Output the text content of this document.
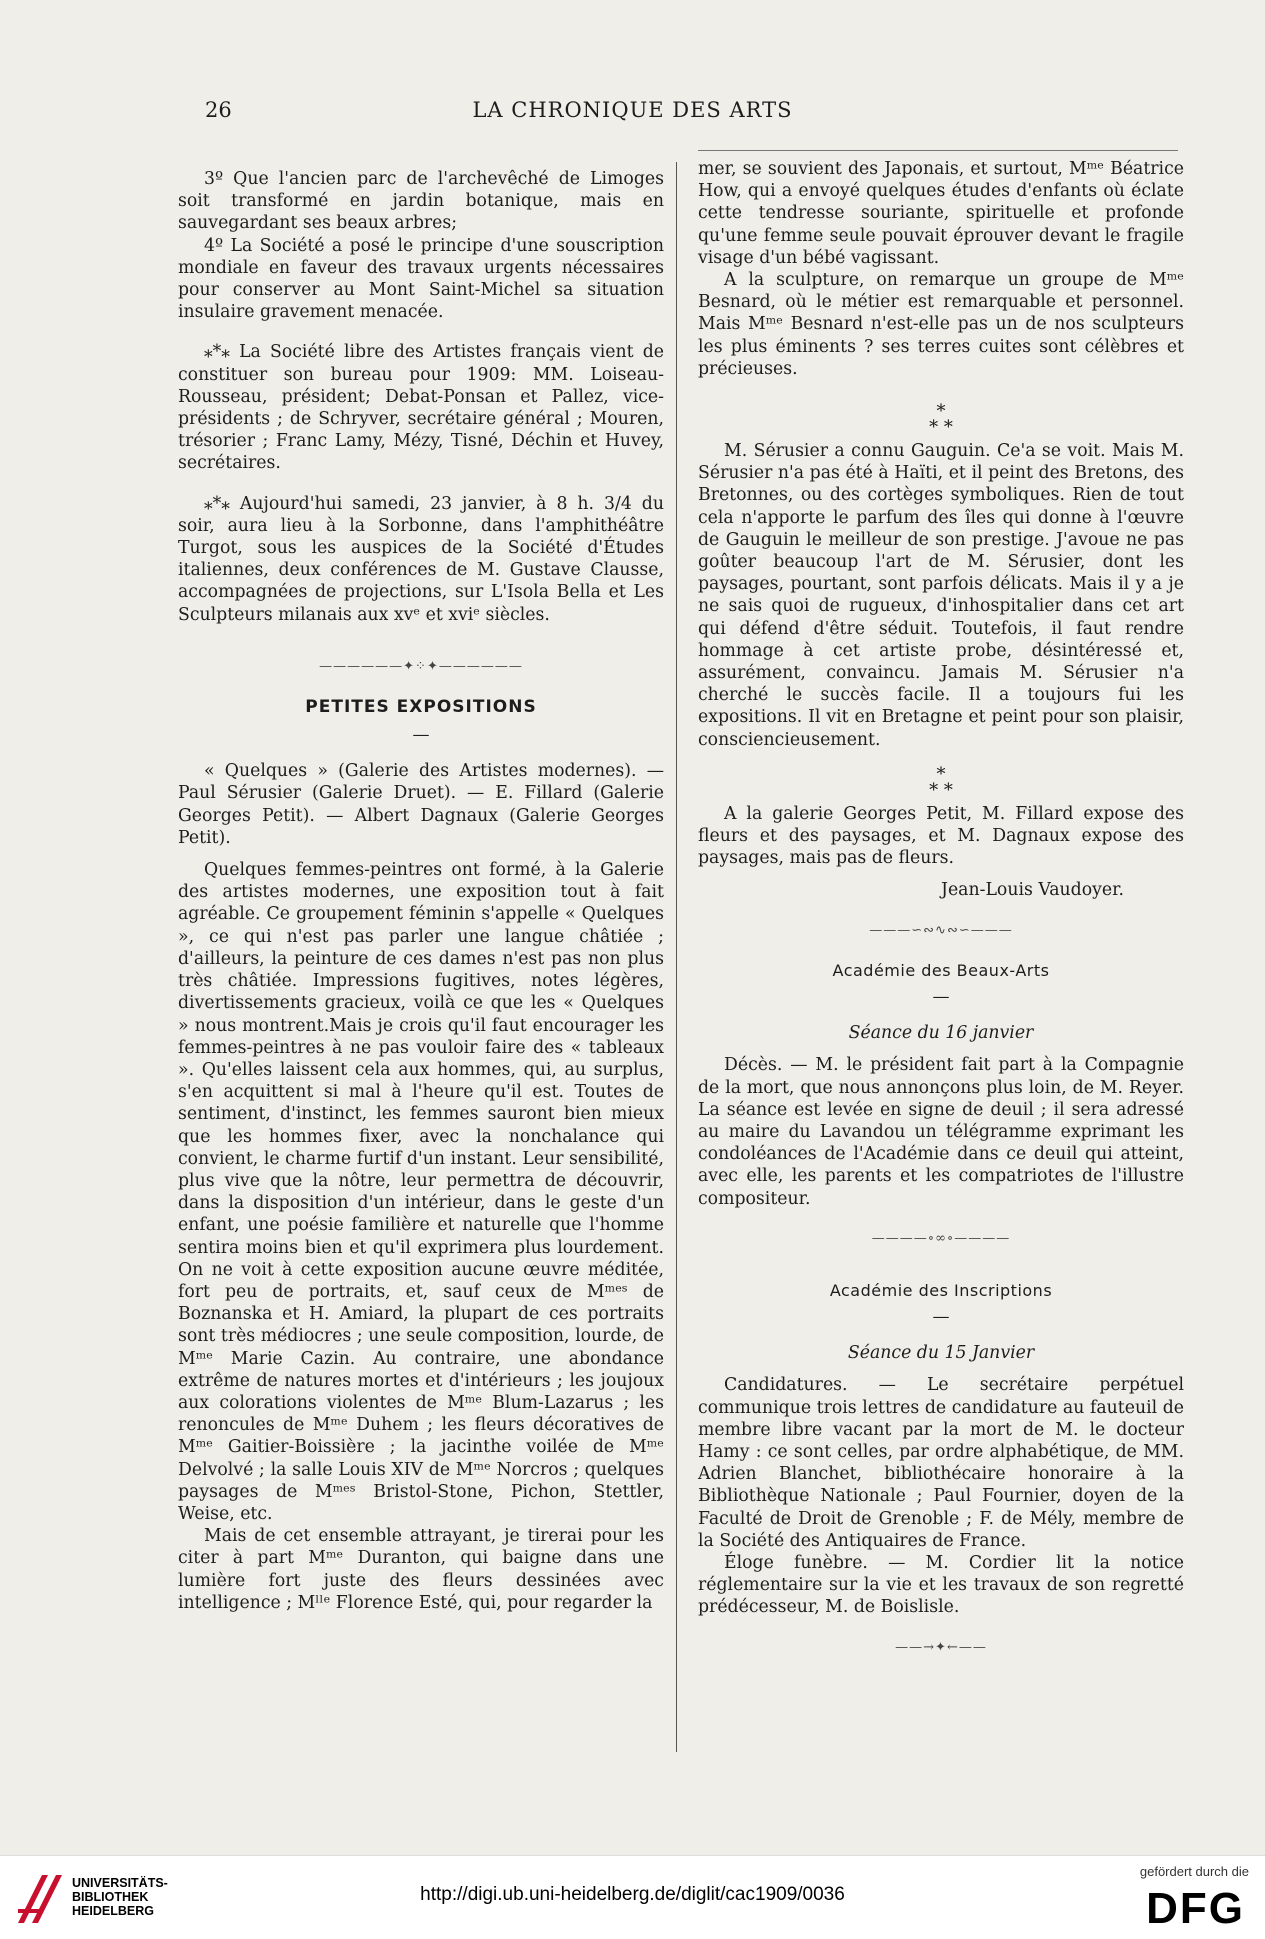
26	LA CHRONIQUE DES ARTS

3º Que l'ancien parc de l'archevêché de Limoges soit transformé en jardin botanique, mais en sauvegardant ses beaux arbres;

4º La Société a posé le principe d'une souscription mondiale en faveur des travaux urgents nécessaires pour conserver au Mont Saint-Michel sa situation insulaire gravement menacée.

⁎*⁎ La Société libre des Artistes français vient de constituer son bureau pour 1909: MM. Loiseau-Rousseau, président; Debat-Ponsan et Pallez, vice-présidents ; de Schryver, secrétaire général ; Mouren, trésorier ; Franc Lamy, Mézy, Tisné, Déchin et Huvey, secrétaires.

⁎*⁎ Aujourd'hui samedi, 23 janvier, à 8 h. 3/4 du soir, aura lieu à la Sorbonne, dans l'amphithéâtre Turgot, sous les auspices de la Société d'Études italiennes, deux conférences de M. Gustave Clausse, accompagnées de projections, sur L'Isola Bella et Les Sculpteurs milanais aux xvᵉ et xviᵉ siècles.

——————✦⁘✦——————
PETITES EXPOSITIONS
—

« Quelques » (Galerie des Artistes modernes). — Paul Sérusier (Galerie Druet). — E. Fillard (Galerie Georges Petit). — Albert Dagnaux (Galerie Georges Petit).

Quelques femmes-peintres ont formé, à la Galerie des artistes modernes, une exposition tout à fait agréable. Ce groupement féminin s'appelle « Quelques », ce qui n'est pas parler une langue châtiée ; d'ailleurs, la peinture de ces dames n'est pas non plus très châtiée. Impressions fugitives, notes légères, divertissements gracieux, voilà ce que les « Quelques » nous montrent.Mais je crois qu'il faut encourager les femmes-peintres à ne pas vouloir faire des « tableaux ». Qu'elles laissent cela aux hommes, qui, au surplus, s'en acquittent si mal à l'heure qu'il est. Toutes de sentiment, d'instinct, les femmes sauront bien mieux que les hommes fixer, avec la nonchalance qui convient, le charme furtif d'un instant. Leur sensibilité, plus vive que la nôtre, leur permettra de découvrir, dans la disposition d'un intérieur, dans le geste d'un enfant, une poésie familière et naturelle que l'homme sentira moins bien et qu'il exprimera plus lourdement. On ne voit à cette exposition aucune œuvre méditée, fort peu de portraits, et, sauf ceux de Mᵐᵉˢ de Boznanska et H. Amiard, la plupart de ces portraits sont très médiocres ; une seule composition, lourde, de Mᵐᵉ Marie Cazin. Au contraire, une abondance extrême de natures mortes et d'intérieurs ; les joujoux aux colorations violentes de Mᵐᵉ Blum-Lazarus ; les renoncules de Mᵐᵉ Duhem ; les fleurs décoratives de Mᵐᵉ Gaitier-Boissière ; la jacinthe voilée de Mᵐᵉ Delvolvé ; la salle Louis XIV de Mᵐᵉ Norcros ; quelques paysages de Mᵐᵉˢ Bristol-Stone, Pichon, Stettler, Weise, etc.

Mais de cet ensemble attrayant, je tirerai pour les citer à part Mᵐᵉ Duranton, qui baigne dans une lumière fort juste des fleurs dessinées avec intelligence ; Mˡˡᵉ Florence Esté, qui, pour regarder la

mer, se souvient des Japonais, et surtout, Mᵐᵉ Béatrice How, qui a envoyé quelques études d'enfants où éclate cette tendresse souriante, spirituelle et profonde qu'une femme seule pouvait éprouver devant le fragile visage d'un bébé vagissant.

A la sculpture, on remarque un groupe de Mᵐᵉ Besnard, où le métier est remarquable et personnel. Mais Mᵐᵉ Besnard n'est-elle pas un de nos sculpteurs les plus éminents ? ses terres cuites sont célèbres et précieuses.

⁎
⁎ ⁎

M. Sérusier a connu Gauguin. Ce'a se voit. Mais M. Sérusier n'a pas été à Haïti, et il peint des Bretons, des Bretonnes, ou des cortèges symboliques. Rien de tout cela n'apporte le parfum des îles qui donne à l'œuvre de Gauguin le meilleur de son prestige. J'avoue ne pas goûter beaucoup l'art de M. Sérusier, dont les paysages, pourtant, sont parfois délicats. Mais il y a je ne sais quoi de rugueux, d'inhospitalier dans cet art qui défend d'être séduit. Toutefois, il faut rendre hommage à cet artiste probe, désintéressé et, assurément, convaincu. Jamais M. Sérusier n'a cherché le succès facile. Il a toujours fui les expositions. Il vit en Bretagne et peint pour son plaisir, consciencieusement.

⁎
⁎ ⁎

A la galerie Georges Petit, M. Fillard expose des fleurs et des paysages, et M. Dagnaux expose des paysages, mais pas de fleurs.

Jean-Louis Vaudoyer.

———∽∾∿∾∽———
Académie des Beaux-Arts
—
Séance du 16 janvier

Décès. — M. le président fait part à la Compagnie de la mort, que nous annonçons plus loin, de M. Reyer. La séance est levée en signe de deuil ; il sera adressé au maire du Lavandou un télégramme exprimant les condoléances de l'Académie dans ce deuil qui atteint, avec elle, les parents et les compatriotes de l'illustre compositeur.

————∘∞∘————
Académie des Inscriptions
—
Séance du 15 Janvier

Candidatures. — Le secrétaire perpétuel communique trois lettres de candidature au fauteuil de membre libre vacant par la mort de M. le docteur Hamy : ce sont celles, par ordre alphabétique, de MM. Adrien Blanchet, bibliothécaire honoraire à la Bibliothèque Nationale ; Paul Fournier, doyen de la Faculté de Droit de Grenoble ; F. de Mély, membre de la Société des Antiquaires de France.

Éloge funèbre. — M. Cordier lit la notice réglementaire sur la vie et les travaux de son regretté prédécesseur, M. de Boislisle.

——→✦←——
UNIVERSITÄTS-
BIBLIOTHEK
HEIDELBERG
http://digi.ub.uni-heidelberg.de/diglit/cac1909/0036
gefördert durch die
DFG
